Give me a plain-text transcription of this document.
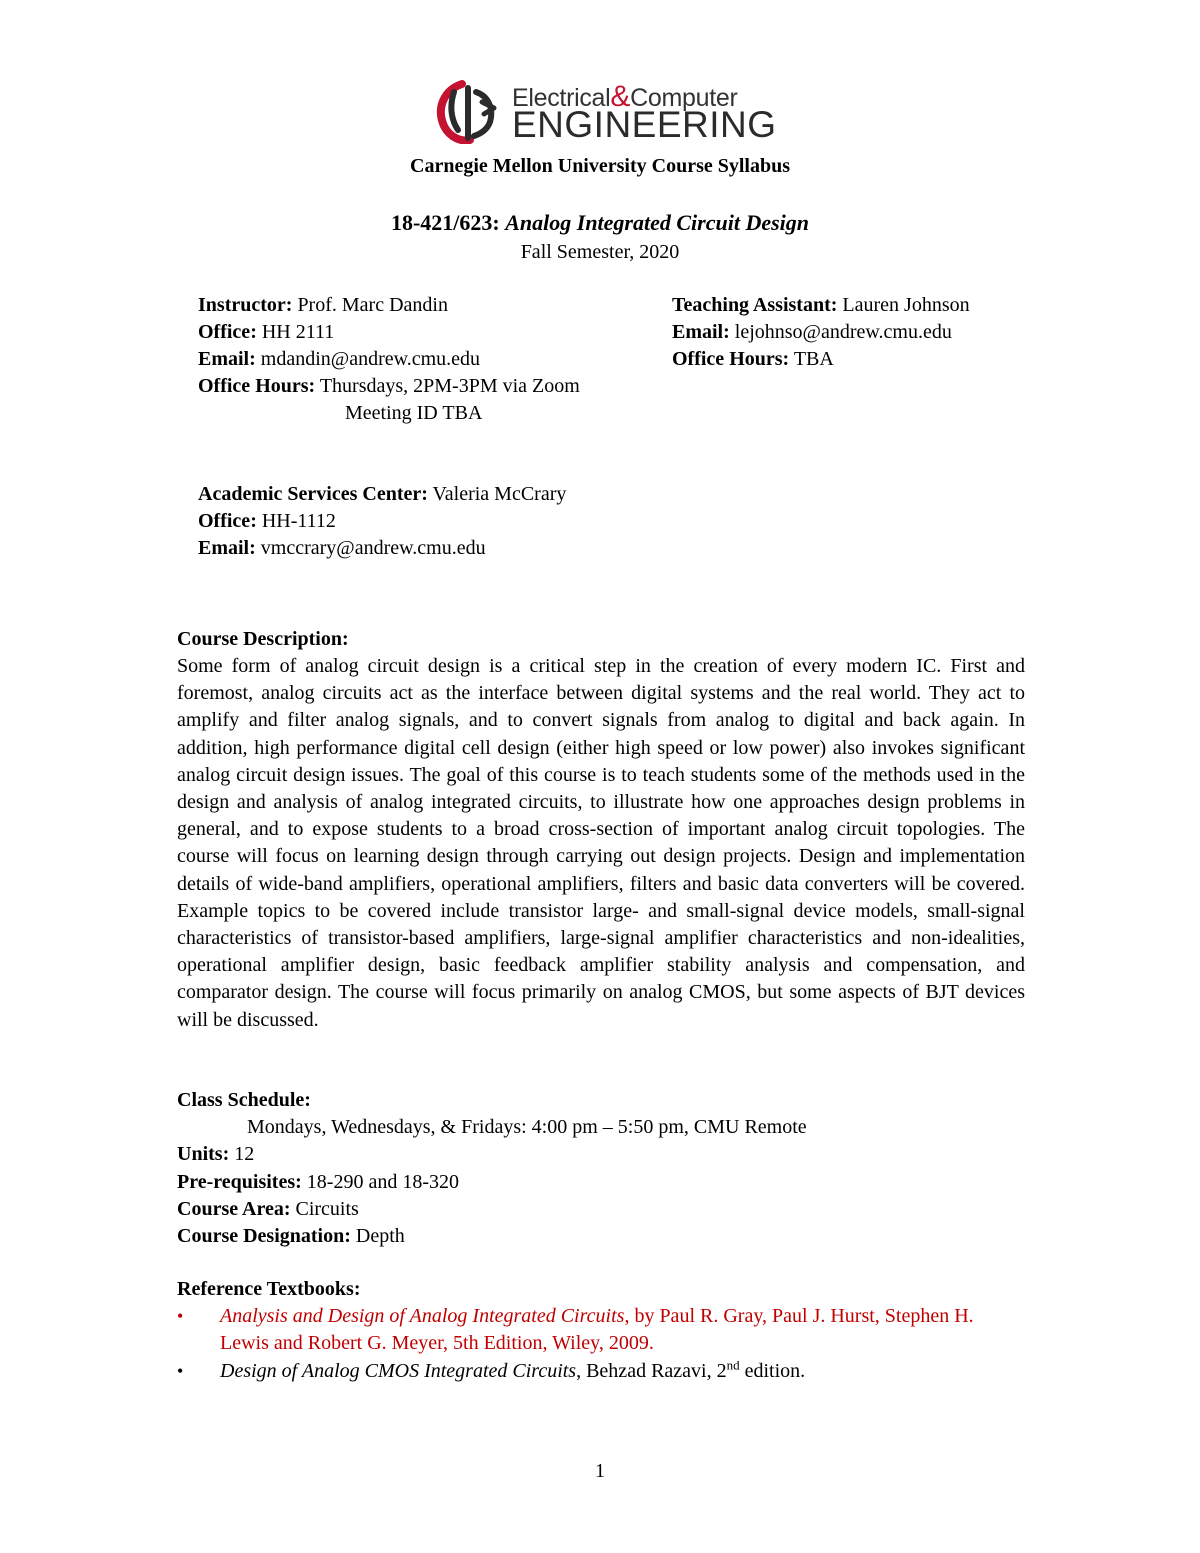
Electrical&Computer
ENGINEERING
Carnegie Mellon University Course Syllabus
18-421/623: Analog Integrated Circuit Design
Fall Semester, 2020
Instructor: Prof. Marc Dandin
Office: HH 2111
Email: mdandin@andrew.cmu.edu
Office Hours: Thursdays, 2PM-3PM via Zoom
Meeting ID TBA
Teaching Assistant: Lauren Johnson
Email: lejohnso@andrew.cmu.edu
Office Hours: TBA
Academic Services Center: Valeria McCrary
Office: HH-1112
Email: vmccrary@andrew.cmu.edu
Course Description:
Some form of analog circuit design is a critical step in the creation of every modern IC. First and foremost, analog circuits act as the interface between digital systems and the real world. They act to amplify and filter analog signals, and to convert signals from analog to digital and back again. In addition, high performance digital cell design (either high speed or low power) also invokes significant analog circuit design issues. The goal of this course is to teach students some of the methods used in the design and analysis of analog integrated circuits, to illustrate how one approaches design problems in general, and to expose students to a broad cross-section of important analog circuit topologies. The course will focus on learning design through carrying out design projects. Design and implementation details of wide-band amplifiers, operational amplifiers, filters and basic data converters will be covered. Example topics to be covered include transistor large- and small-signal device models, small-signal characteristics of transistor-based amplifiers, large-signal amplifier characteristics and non-idealities, operational amplifier design, basic feedback amplifier stability analysis and compensation, and comparator design. The course will focus primarily on analog CMOS, but some aspects of BJT devices will be discussed.
Class Schedule:
Mondays, Wednesdays, & Fridays: 4:00 pm – 5:50 pm, CMU Remote
Units: 12
Pre-requisites: 18-290 and 18-320
Course Area: Circuits
Course Designation: Depth
Reference Textbooks:
• Analysis and Design of Analog Integrated Circuits, by Paul R. Gray, Paul J. Hurst, Stephen H. Lewis and Robert G. Meyer, 5th Edition, Wiley, 2009.
• Design of Analog CMOS Integrated Circuits, Behzad Razavi, 2nd edition.
1
